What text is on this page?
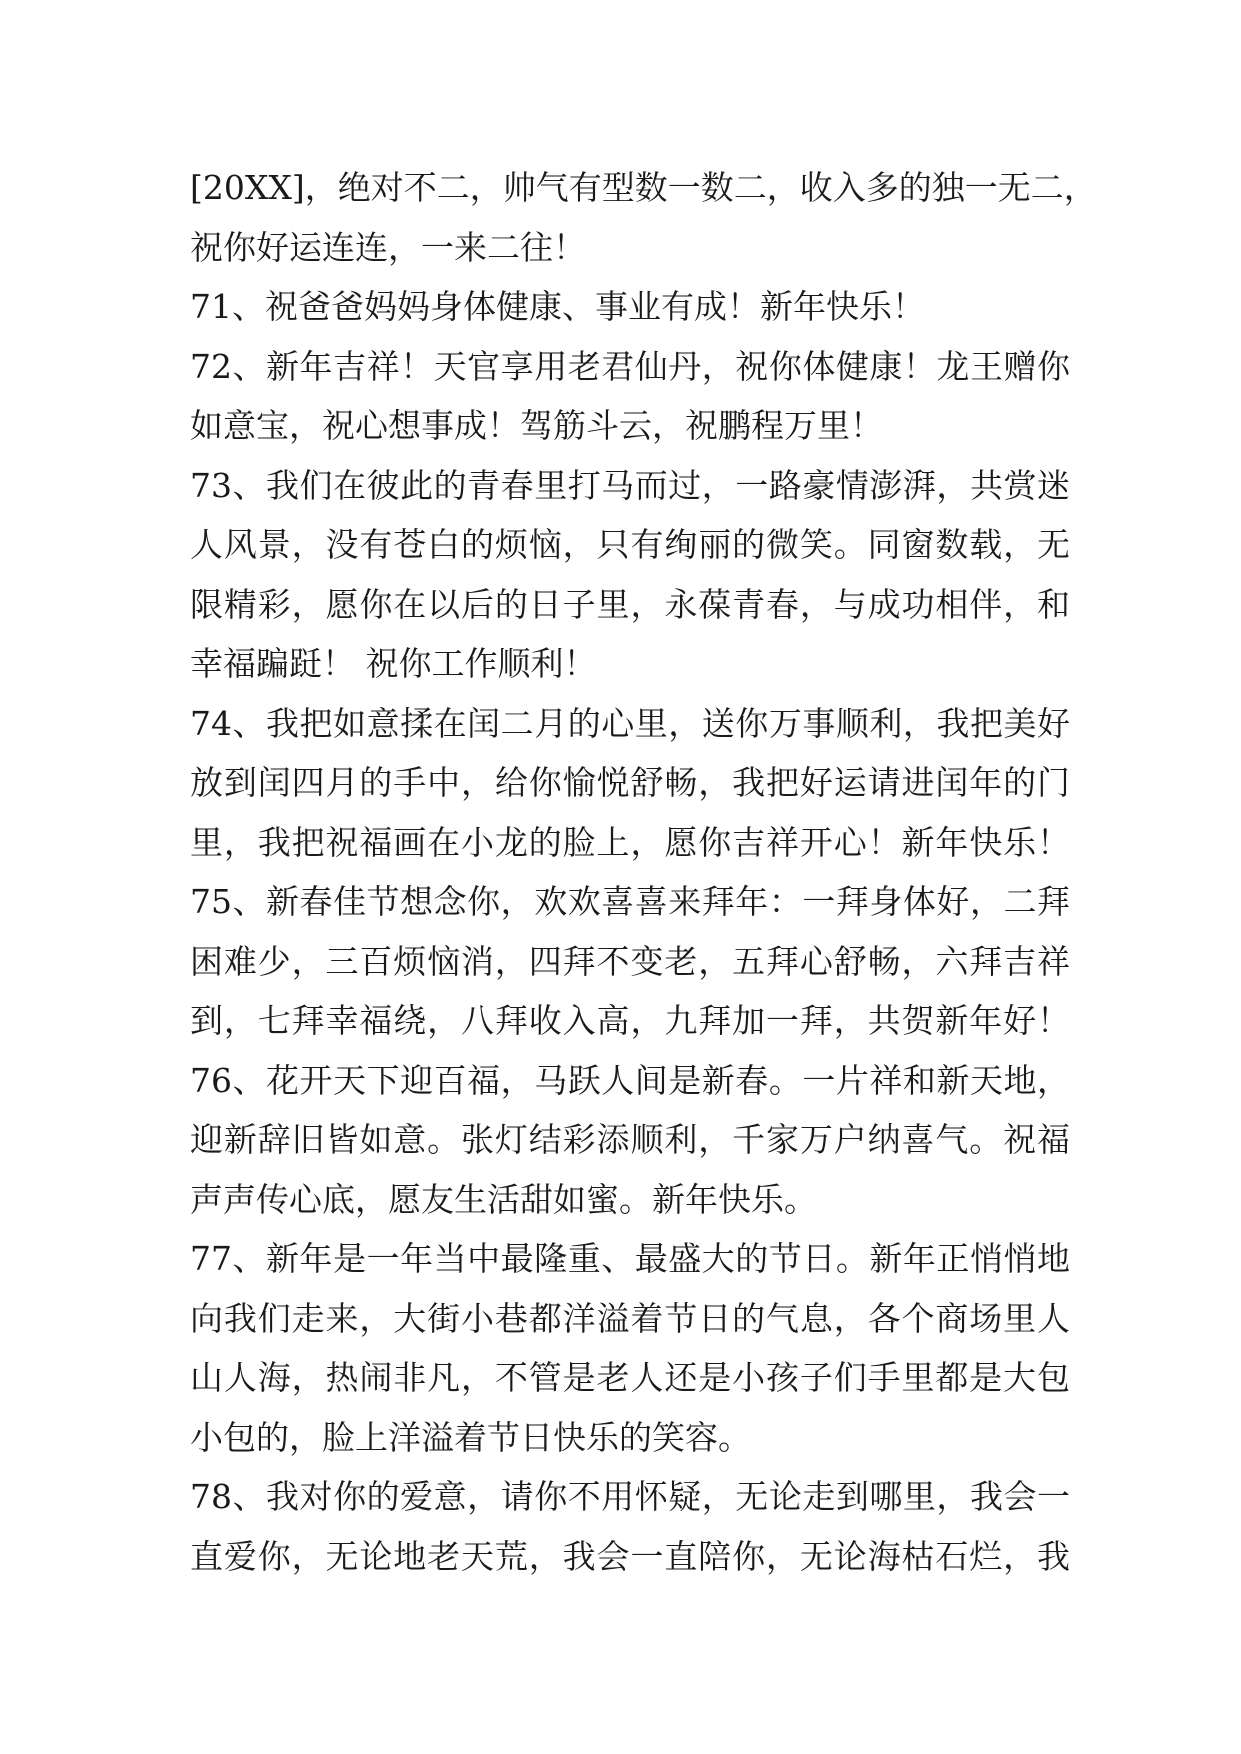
[20XX]，绝对不二，帅气有型数一数二，收入多的独一无二，
祝你好运连连，一来二往！
71、祝爸爸妈妈身体健康、事业有成！新年快乐！
72、新年吉祥！天官享用老君仙丹，祝你体健康！龙王赠你
如意宝，祝心想事成！驾筋斗云，祝鹏程万里！
73、我们在彼此的青春里打马而过，一路豪情澎湃，共赏迷
人风景，没有苍白的烦恼，只有绚丽的微笑。同窗数载，无
限精彩，愿你在以后的日子里，永葆青春，与成功相伴，和
幸福蹁跹！ 祝你工作顺利！
74、我把如意揉在闰二月的心里，送你万事顺利，我把美好
放到闰四月的手中，给你愉悦舒畅，我把好运请进闰年的门
里，我把祝福画在小龙的脸上，愿你吉祥开心！新年快乐！
75、新春佳节想念你，欢欢喜喜来拜年：一拜身体好，二拜
困难少，三百烦恼消，四拜不变老，五拜心舒畅，六拜吉祥
到，七拜幸福绕，八拜收入高，九拜加一拜，共贺新年好！
76、花开天下迎百福，马跃人间是新春。一片祥和新天地，
迎新辞旧皆如意。张灯结彩添顺利，千家万户纳喜气。祝福
声声传心底，愿友生活甜如蜜。新年快乐。
77、新年是一年当中最隆重、最盛大的节日。新年正悄悄地
向我们走来，大街小巷都洋溢着节日的气息，各个商场里人
山人海，热闹非凡，不管是老人还是小孩子们手里都是大包
小包的，脸上洋溢着节日快乐的笑容。
78、我对你的爱意，请你不用怀疑，无论走到哪里，我会一
直爱你，无论地老天荒，我会一直陪你，无论海枯石烂，我
